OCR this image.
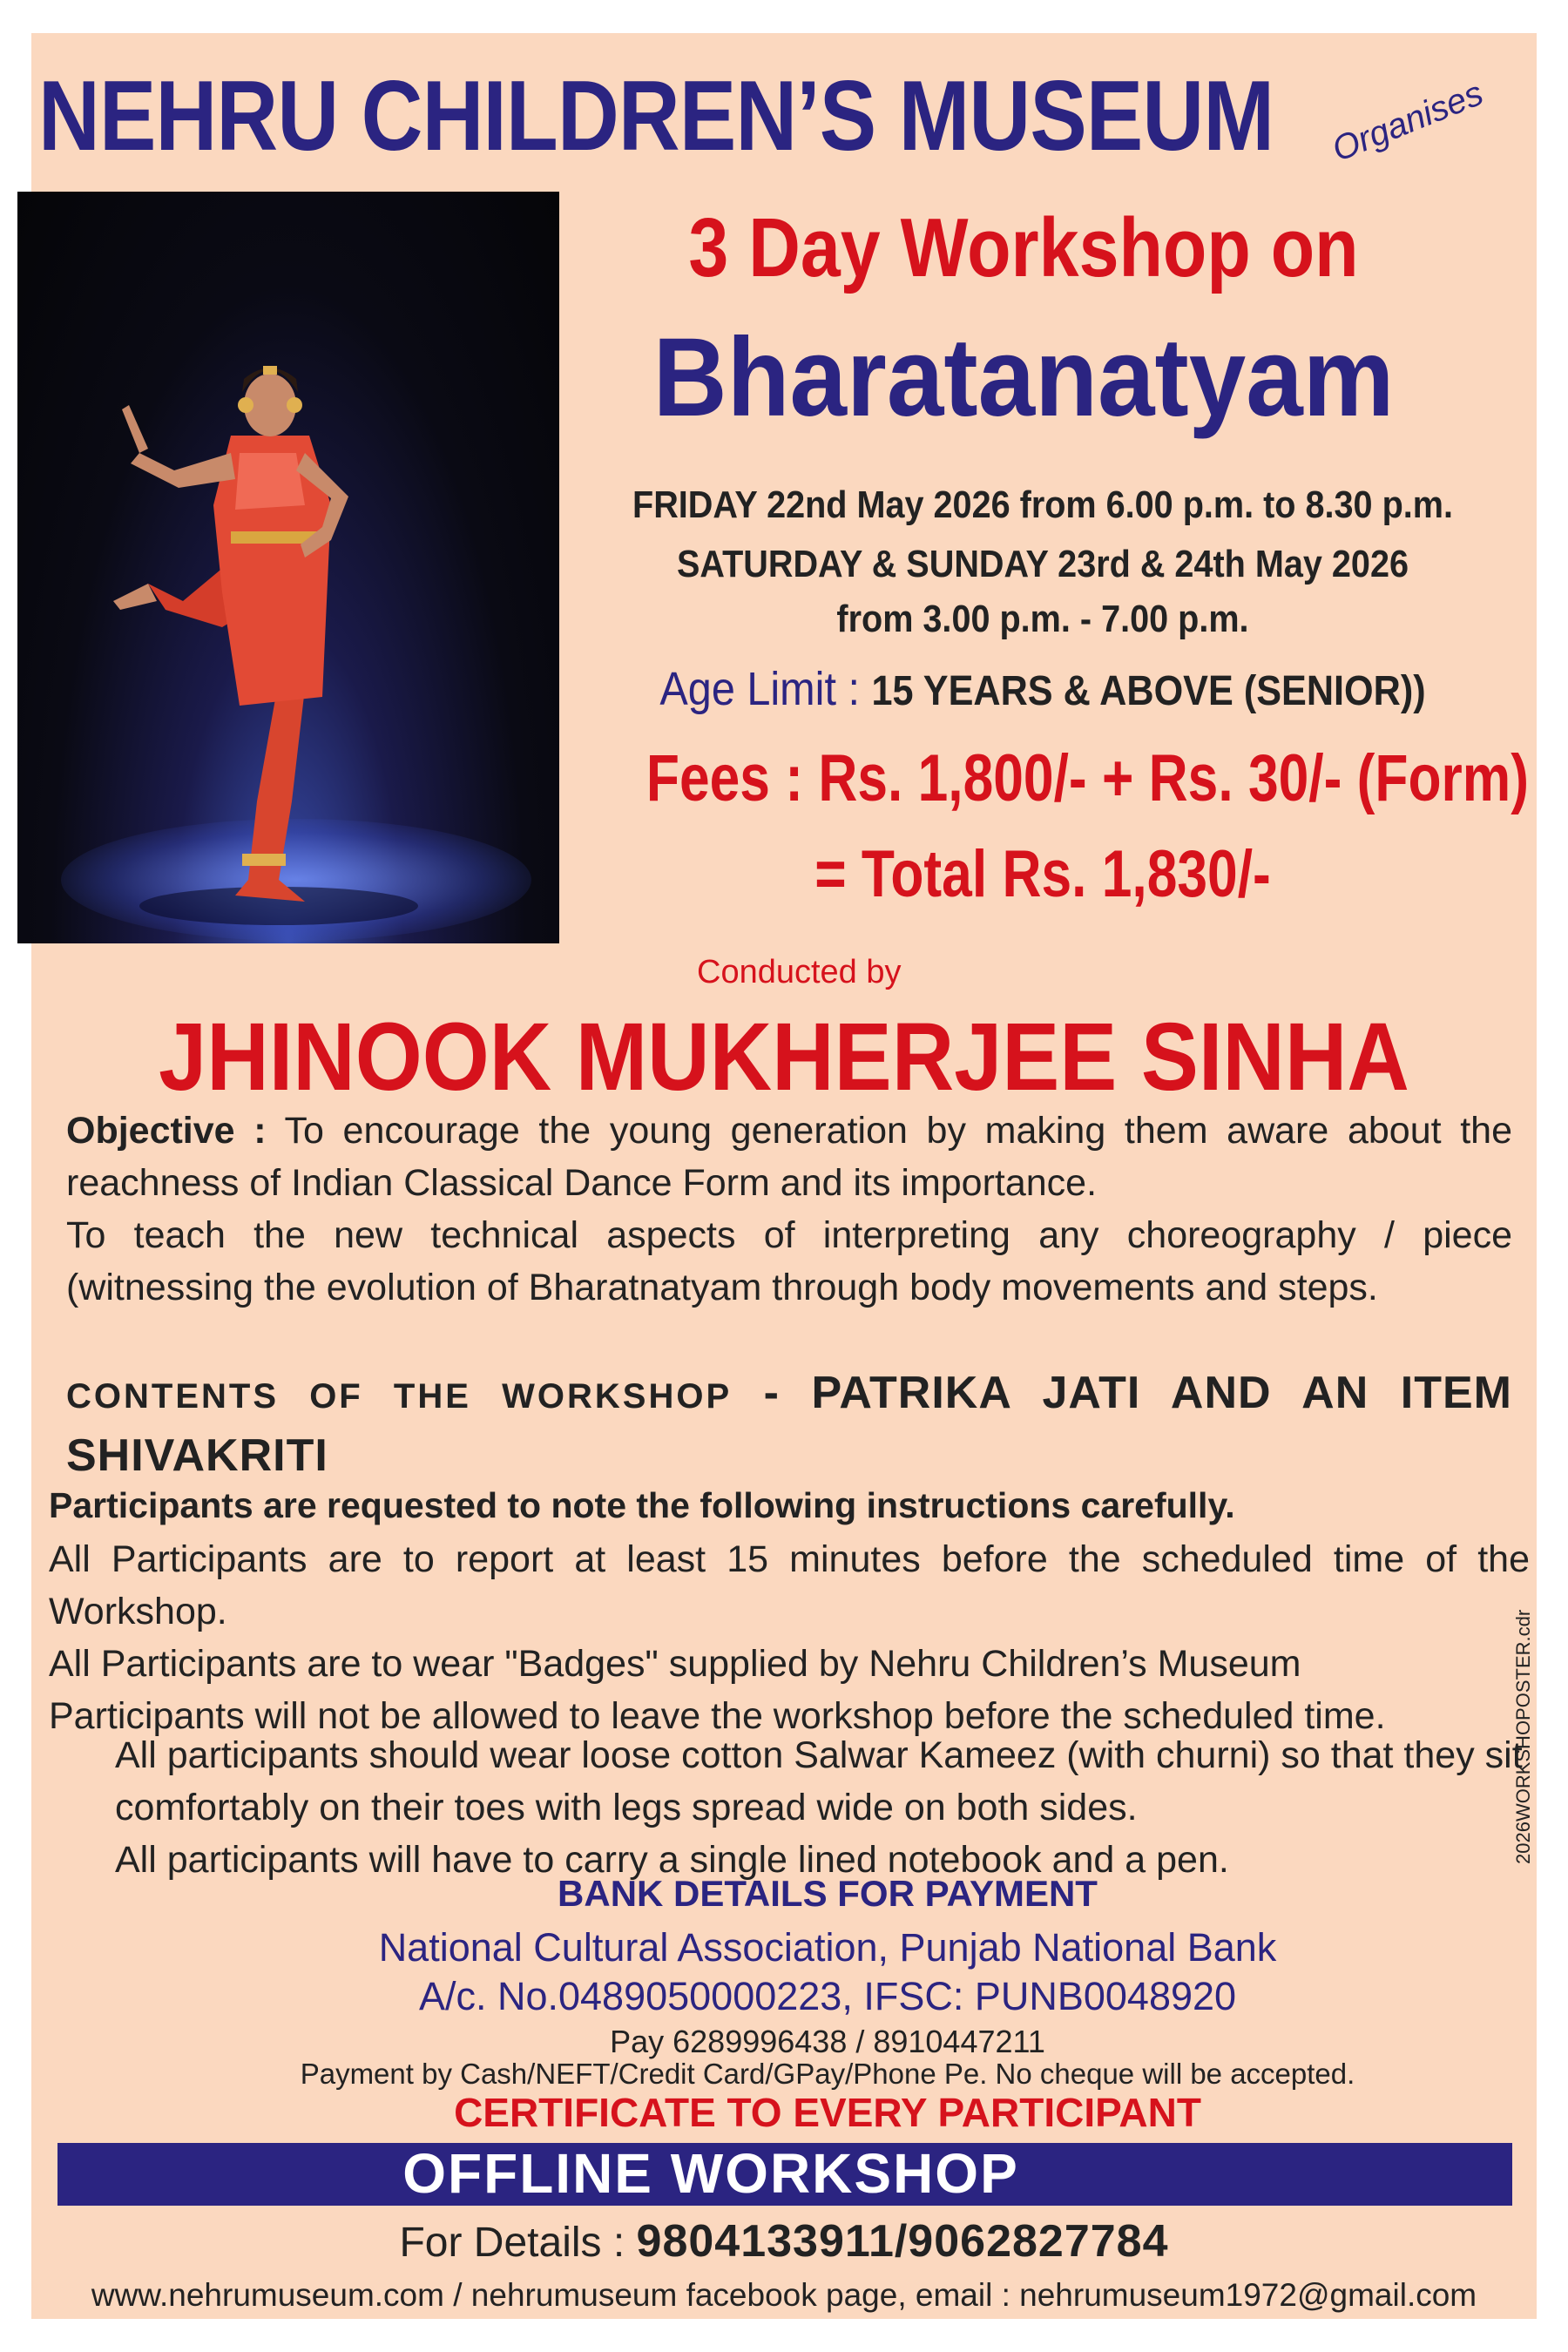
NEHRU CHILDREN’S MUSEUM Organises
3 Day Workshop on
Bharatanatyam
FRIDAY 22nd May 2026 from 6.00 p.m. to 8.30 p.m.
SATURDAY & SUNDAY 23rd & 24th May 2026
from 3.00 p.m. - 7.00 p.m.
Age Limit : 15 YEARS & ABOVE (SENIOR))
Fees : Rs. 1,800/- + Rs. 30/- (Form)
= Total Rs. 1,830/-
Conducted by
JHINOOK MUKHERJEE SINHA
Objective : To encourage the young generation by making them aware about the reachness of Indian Classical Dance Form and its importance.
To teach the new technical aspects of interpreting any choreography / piece (witnessing the evolution of Bharatnatyam through body movements and steps.
CONTENTS OF THE WORKSHOP - PATRIKA JATI AND AN ITEM SHIVAKRITI
Participants are requested to note the following instructions carefully.
All Participants are to report at least 15 minutes before the scheduled time of the Workshop.
All Participants are to wear "Badges" supplied by Nehru Children’s Museum
Participants will not be allowed to leave the workshop before the scheduled time.
All participants should wear loose cotton Salwar Kameez (with churni) so that they sit comfortably on their toes with legs spread wide on both sides.
All participants will have to carry a single lined notebook and a pen.
BANK DETAILS FOR PAYMENT
National Cultural Association, Punjab National Bank
A/c. No.0489050000223, IFSC: PUNB0048920
Pay 6289996438 / 8910447211
Payment by Cash/NEFT/Credit Card/GPay/Phone Pe. No cheque will be accepted.
CERTIFICATE TO EVERY PARTICIPANT
OFFLINE WORKSHOP
For Details : 9804133911/9062827784
www.nehrumuseum.com / nehrumuseum facebook page, email : nehrumuseum1972@gmail.com
2026WORKSHOPOSTER.cdr
